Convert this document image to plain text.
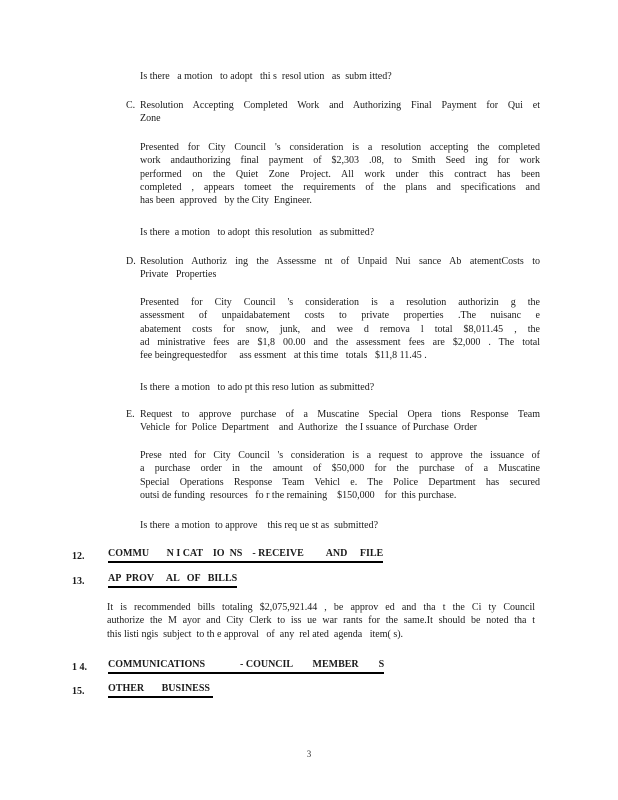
Is there   a motion   to adopt   thi s  resol ution   as  subm itted?
C. Resolution Accepting Completed Work and Authorizing Final Payment for Qui et
Zone
Presented for City Council 's consideration is a resolution accepting the completed
work andauthorizing final payment of $2,303 .08, to Smith Seed ing for work
performed on the Quiet Zone Project. All work under this contract has been
completed , appears tomeet the requirements of the plans and specifications and
has been  approved   by the City  Engineer.
Is there  a motion   to adopt  this resolution   as submitted?
D. Resolution Authoriz ing the Assessme nt of Unpaid Nui sance Ab atementCosts to
Private   Properties
Presented for City Council 's consideration is a resolution authorizin g the
assessment of unpaidabatement costs to private properties .The nuisanc e
abatement costs for snow, junk, and wee d remova l total $8,011.45 , the
ad ministrative fees are $1,8 00.00 and the assessment fees are $2,000 . The total
fee beingrequestedfor     ass essment   at this time   totals   $11,8 11.45 .
Is there  a motion   to ado pt this reso lution  as submitted?
E. Request to approve purchase of a Muscatine Special Opera tions Response Team
Vehicle  for  Police  Department    and  Authorize   the I ssuance  of Purchase  Order
Prese nted for City Council 's consideration is a request to approve the issuance of
a purchase order in the amount of $50,000 for the purchase of a Muscatine
Special Operations Response Team Vehicl e. The Police Department has secured
outsi de funding  resources   fo r the remaining    $150,000    for  this purchase.
Is there  a motion  to approve    this req ue st as  submitted?
12. COMMU       N I CAT    IO  NS    - RECEIVE         AND     FILE
13. AP  PROV     AL   OF   BILLS
It is recommended bills totaling $2,075,921.44 , be approv ed and tha t the Ci ty Council
authorize the M ayor and City Clerk to iss ue war rants for the same.It should be noted tha t
this listi ngis  subject  to th e approval   of  any  rel ated  agenda   item( s).
1 4. COMMUNICATIONS              - COUNCIL        MEMBER        S
15. OTHER       BUSINESS
3
